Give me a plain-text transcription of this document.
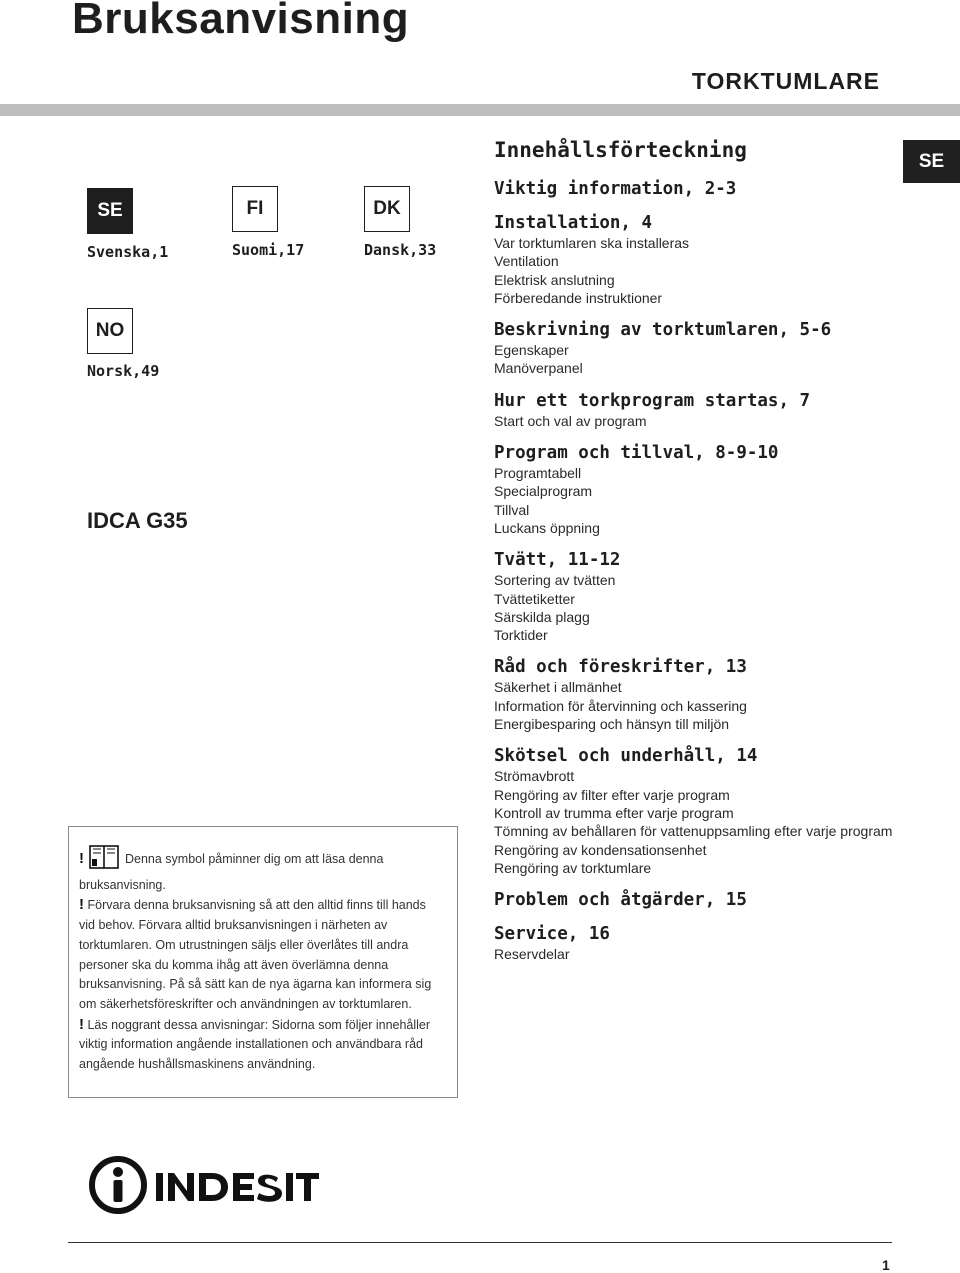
Bruksanvisning
TORKTUMLARE
SE
SE
Svenska,1
FI
Suomi,17
DK
Dansk,33
NO
Norsk,49
IDCA G35
!	Denna symbol påminner dig om att läsa denna bruksanvisning.
! Förvara denna bruksanvisning så att den alltid finns till hands vid behov. Förvara alltid bruksanvisningen i närheten av torktumlaren. Om utrustningen säljs eller överlåtes till andra personer ska du komma ihåg att även överlämna denna bruksanvisning. På så sätt kan de nya ägarna kan informera sig om säkerhetsföreskrifter och användningen av torktumlaren.
! Läs noggrant dessa anvisningar: Sidorna som följer innehåller viktig information angående installationen och användbara råd angående hushållsmaskinens användning.
Innehållsförteckning
Viktig information, 2-3
Installation, 4
Var torktumlaren ska installeras
Ventilation
Elektrisk anslutning
Förberedande instruktioner
Beskrivning av torktumlaren, 5-6
Egenskaper
Manöverpanel
Hur ett torkprogram startas, 7
Start och val av program
Program och tillval, 8-9-10
Programtabell
Specialprogram
Tillval
Luckans öppning
Tvätt, 11-12
Sortering av tvätten
Tvättetiketter
Särskilda plagg
Torktider
Råd och föreskrifter, 13
Säkerhet i allmänhet
Information för återvinning och kassering
Energibesparing och hänsyn till miljön
Skötsel och underhåll, 14
Strömavbrott
Rengöring av filter efter varje program
Kontroll av trumma efter varje program
Tömning av behållaren för vattenuppsamling efter varje program
Rengöring av kondensationsenhet
Rengöring av torktumlare
Problem och åtgärder, 15
Service, 16
Reservdelar
1
